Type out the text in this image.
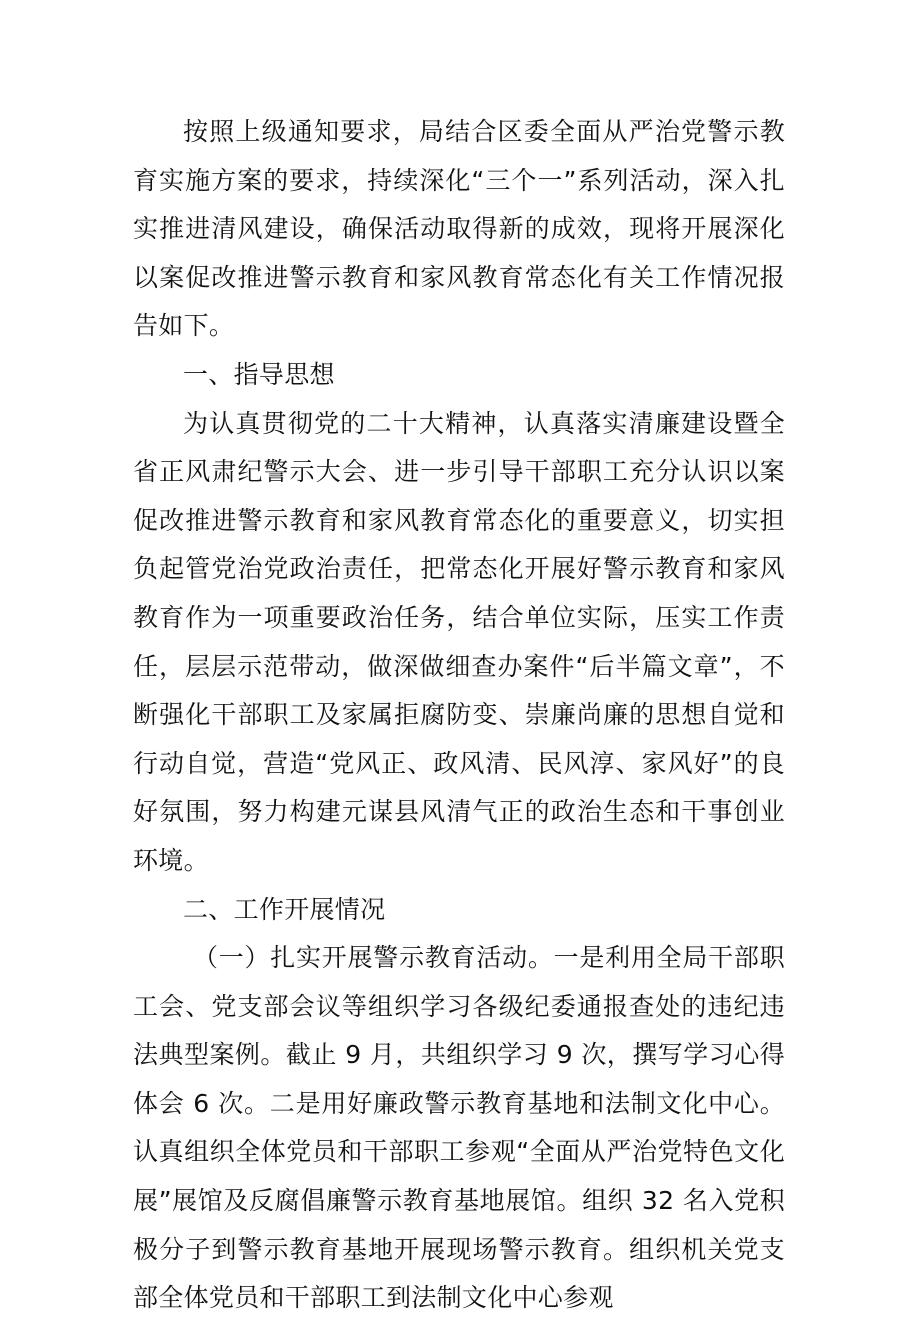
按照上级通知要求，局结合区委全面从严治党警示教育实施方案的要求，持续深化“三个一”系列活动，深入扎实推进清风建设，确保活动取得新的成效，现将开展深化以案促改推进警示教育和家风教育常态化有关工作情况报告如下。

一、指导思想

为认真贯彻党的二十大精神，认真落实清廉建设暨全省正风肃纪警示大会、进一步引导干部职工充分认识以案促改推进警示教育和家风教育常态化的重要意义，切实担负起管党治党政治责任，把常态化开展好警示教育和家风教育作为一项重要政治任务，结合单位实际，压实工作责任，层层示范带动，做深做细查办案件“后半篇文章”，不断强化干部职工及家属拒腐防变、崇廉尚廉的思想自觉和行动自觉，营造“党风正、政风清、民风淳、家风好”的良好氛围，努力构建元谋县风清气正的政治生态和干事创业环境。

二、工作开展情况

（一）扎实开展警示教育活动。一是利用全局干部职工会、党支部会议等组织学习各级纪委通报查处的违纪违法典型案例。截止 9 月，共组织学习 9 次，撰写学习心得体会 6 次。二是用好廉政警示教育基地和法制文化中心。认真组织全体党员和干部职工参观“全面从严治党特色文化展”展馆及反腐倡廉警示教育基地展馆。组织 32 名入党积极分子到警示教育基地开展现场警示教育。组织机关党支部全体党员和干部职工到法制文化中心参观
